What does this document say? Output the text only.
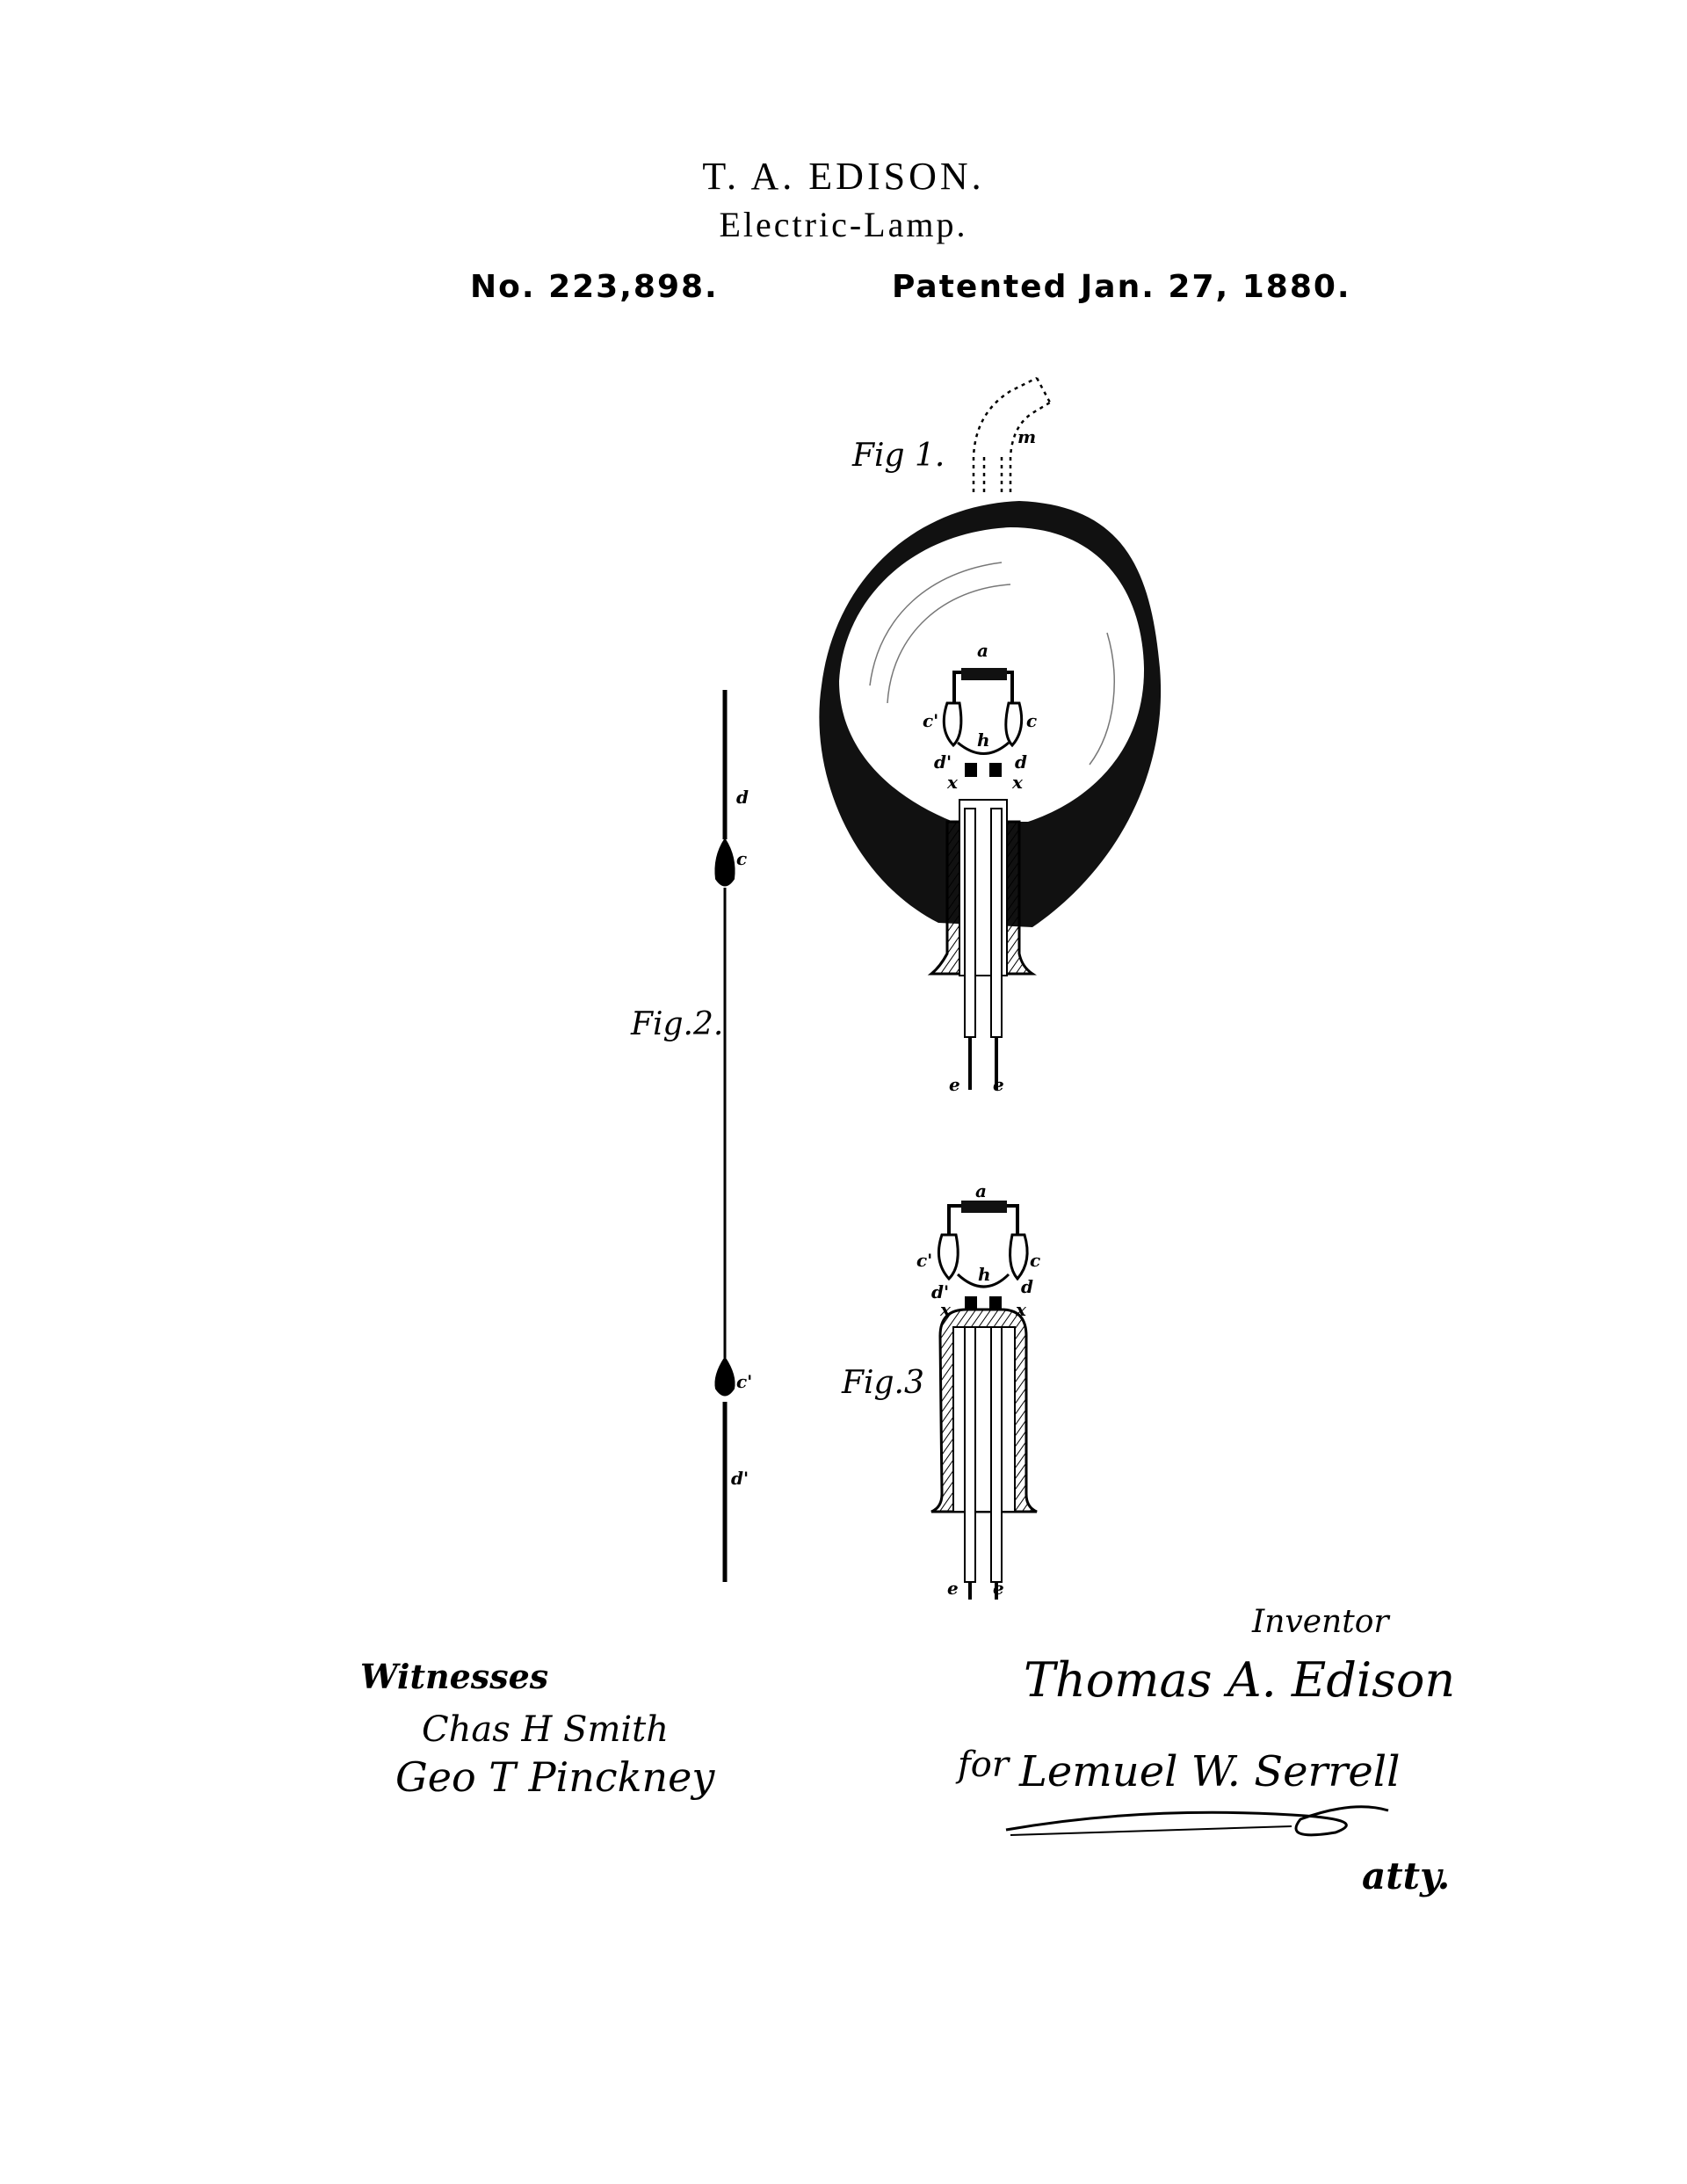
T. A. EDISON.
Electric-Lamp.
No. 223,898.	Patented Jan. 27, 1880.
Fig 1.
Fig.2.
Fig.3
a
c'	c
h
d'	d
x	x
e e
m
d
c
c'
d'
a
c'	c
h
d'	d
x	x
e e
Witnesses
Chas H Smith
Geo T Pinckney
Inventor
Thomas A. Edison
for Lemuel W. Serrell
atty.
